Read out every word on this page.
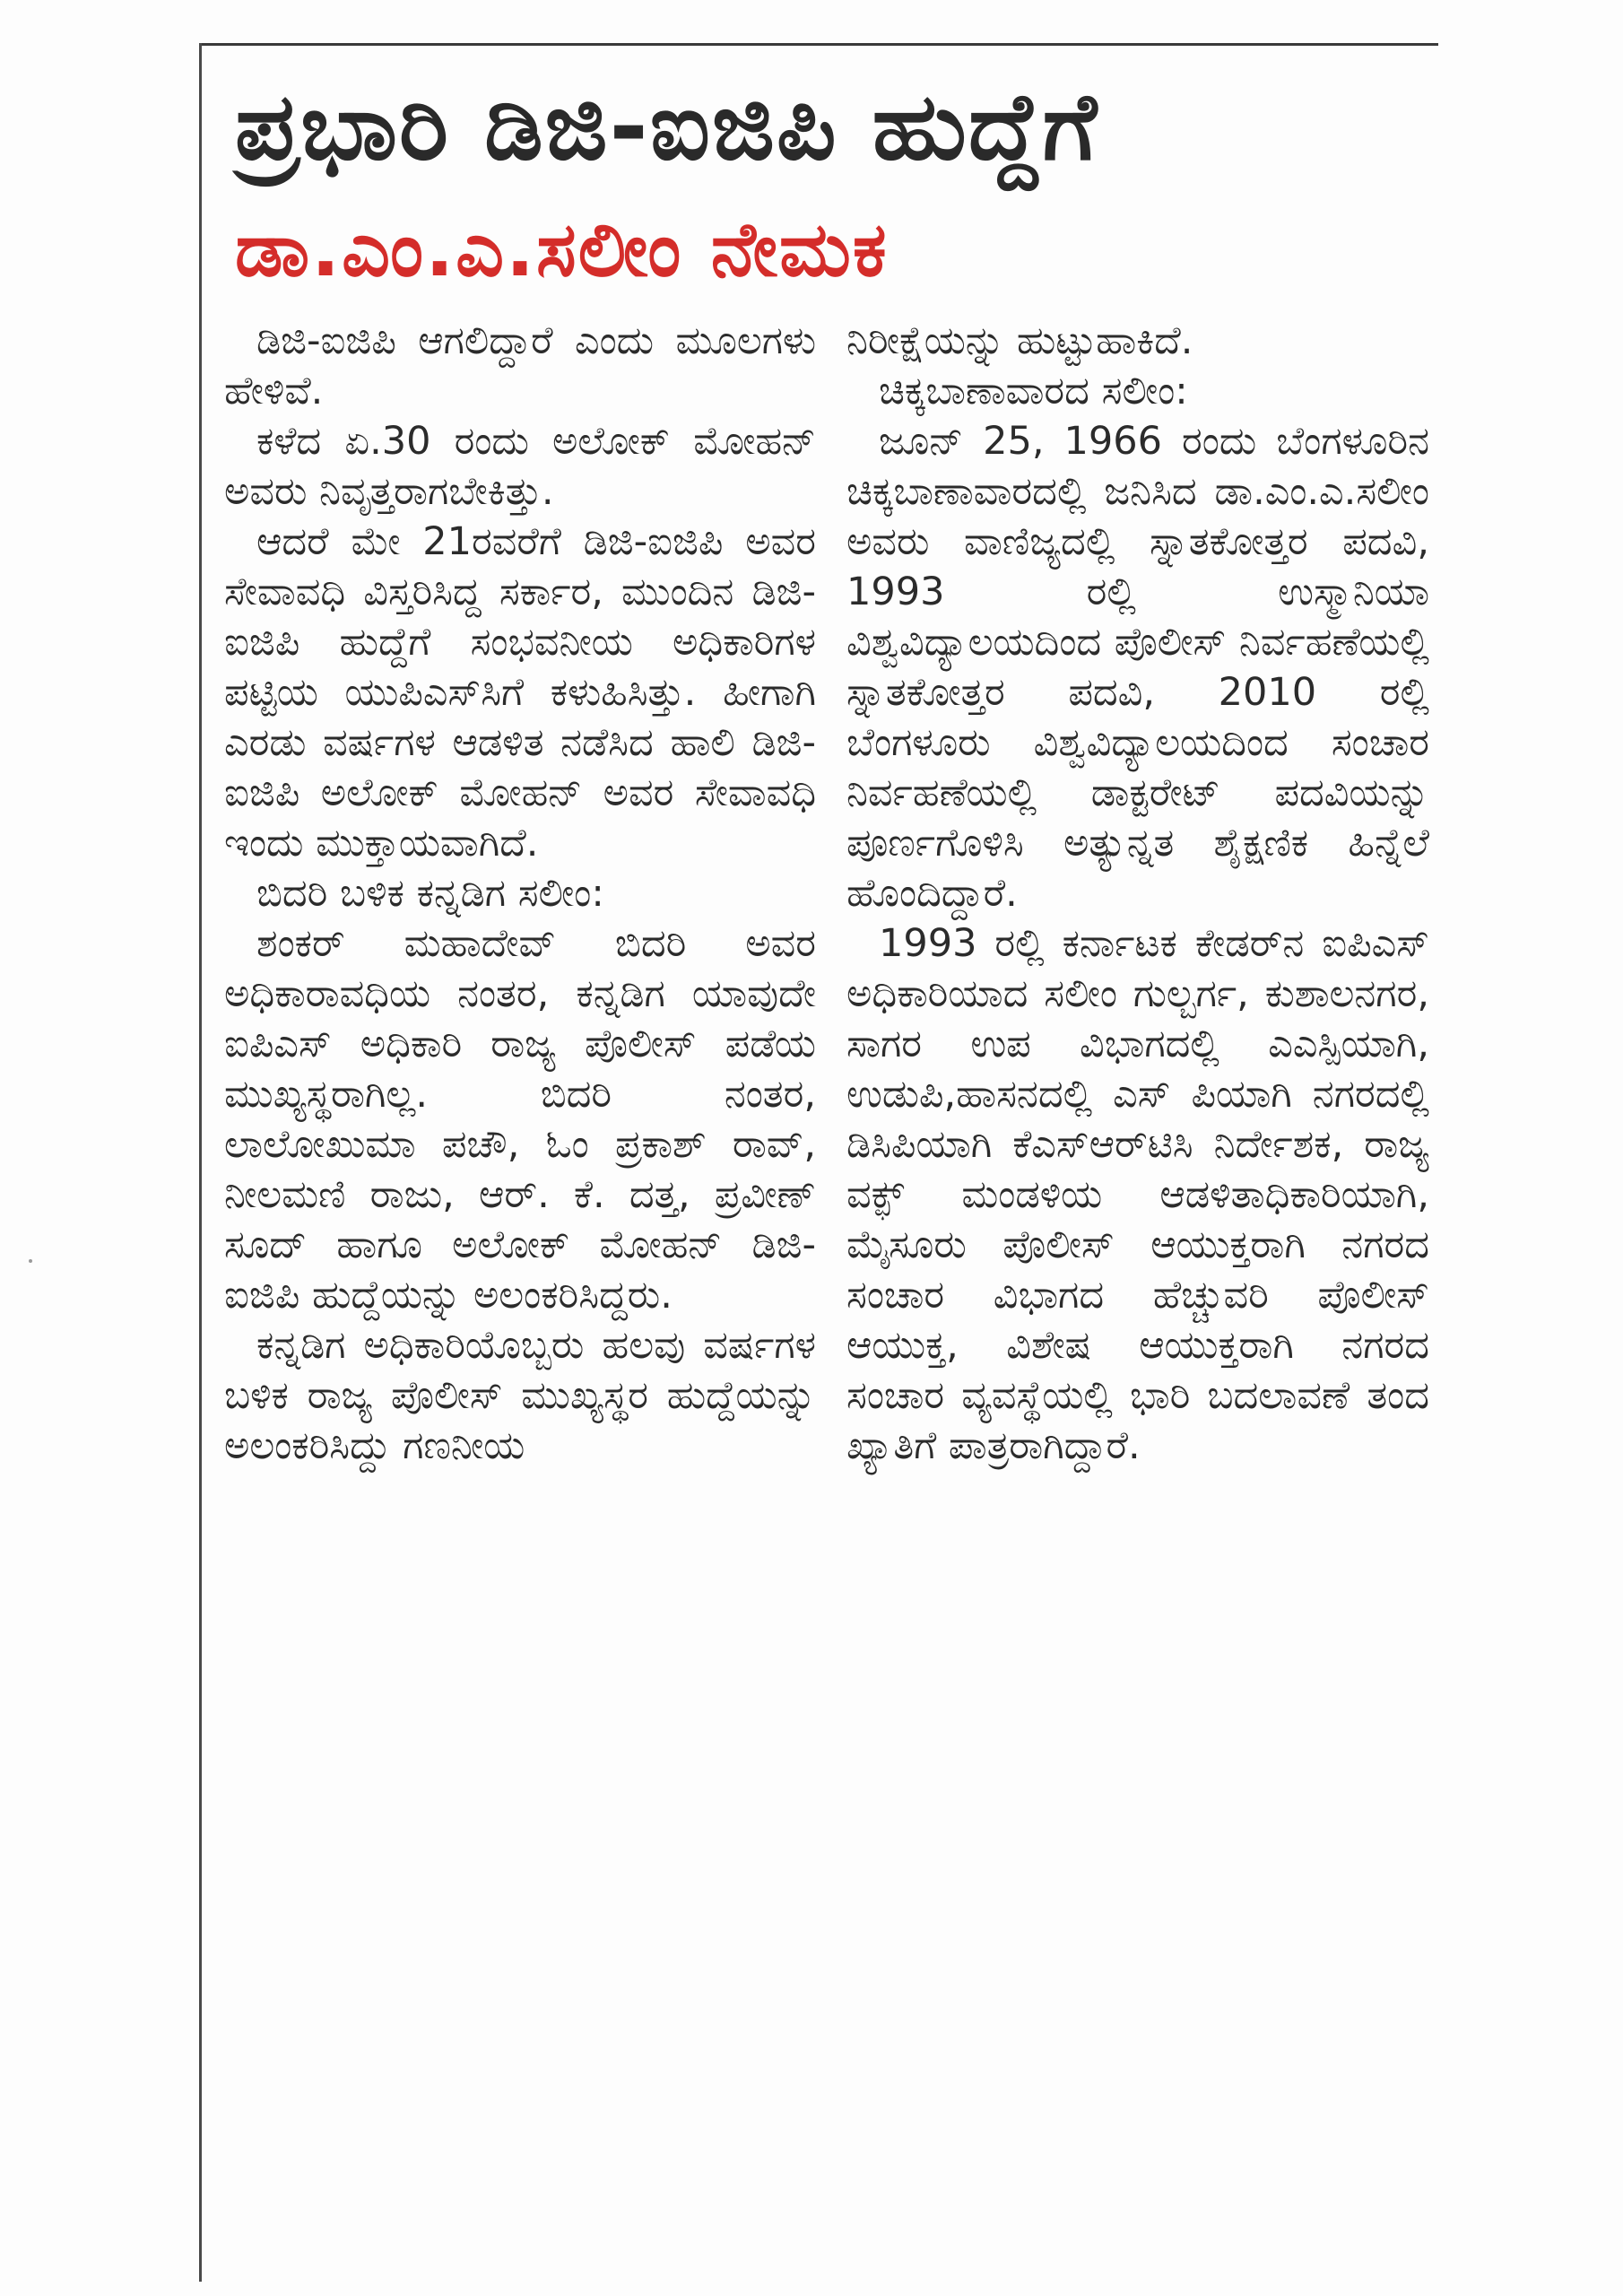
ಪ್ರಭಾರಿ ಡಿಜಿ-ಐಜಿಪಿ ಹುದ್ದೆಗೆ
ಡಾ.ಎಂ.ಎ.ಸಲೀಂ ನೇಮಕ

ಡಿಜಿ-ಐಜಿಪಿ ಆಗಲಿದ್ದಾರೆ ಎಂದು ಮೂಲಗಳು ಹೇಳಿವೆ.

ಕಳೆದ ಏ.30 ರಂದು ಅಲೋಕ್ ಮೋಹನ್ ಅವರು ನಿವೃತ್ತರಾಗಬೇಕಿತ್ತು.

ಆದರೆ ಮೇ 21ರವರೆಗೆ ಡಿಜಿ-ಐಜಿಪಿ ಅವರ ಸೇವಾವಧಿ ವಿಸ್ತರಿಸಿದ್ದ ಸರ್ಕಾರ, ಮುಂದಿನ ಡಿಜಿ-ಐಜಿಪಿ ಹುದ್ದೆಗೆ ಸಂಭವನೀಯ ಅಧಿಕಾರಿಗಳ ಪಟ್ಟಿಯ ಯುಪಿಎಸ್‌ಸಿಗೆ ಕಳುಹಿಸಿತ್ತು. ಹೀಗಾಗಿ ಎರಡು ವರ್ಷಗಳ ಆಡಳಿತ ನಡೆಸಿದ ಹಾಲಿ ಡಿಜಿ-ಐಜಿಪಿ ಅಲೋಕ್ ಮೋಹನ್ ಅವರ ಸೇವಾವಧಿ ಇಂದು ಮುಕ್ತಾಯವಾಗಿದೆ.

ಬಿದರಿ ಬಳಿಕ ಕನ್ನಡಿಗ ಸಲೀಂ:

ಶಂಕರ್ ಮಹಾದೇವ್ ಬಿದರಿ ಅವರ ಅಧಿಕಾರಾವಧಿಯ ನಂತರ, ಕನ್ನಡಿಗ ಯಾವುದೇ ಐಪಿಎಸ್ ಅಧಿಕಾರಿ ರಾಜ್ಯ ಪೊಲೀಸ್ ಪಡೆಯ ಮುಖ್ಯಸ್ಥರಾಗಿಲ್ಲ. ಬಿದರಿ ನಂತರ, ಲಾಲೋಖುಮಾ ಪಚೌ, ಓಂ ಪ್ರಕಾಶ್ ರಾವ್, ನೀಲಮಣಿ ರಾಜು, ಆರ್. ಕೆ. ದತ್ತ, ಪ್ರವೀಣ್ ಸೂದ್ ಹಾಗೂ ಅಲೋಕ್ ಮೋಹನ್ ಡಿಜಿ-ಐಜಿಪಿ ಹುದ್ದೆಯನ್ನು ಅಲಂಕರಿಸಿದ್ದರು.

ಕನ್ನಡಿಗ ಅಧಿಕಾರಿಯೊಬ್ಬರು ಹಲವು ವರ್ಷಗಳ ಬಳಿಕ ರಾಜ್ಯ ಪೊಲೀಸ್ ಮುಖ್ಯಸ್ಥರ ಹುದ್ದೆಯನ್ನು ಅಲಂಕರಿಸಿದ್ದು ಗಣನೀಯ

ನಿರೀಕ್ಷೆಯನ್ನು ಹುಟ್ಟುಹಾಕಿದೆ.

ಚಿಕ್ಕಬಾಣಾವಾರದ ಸಲೀಂ:

ಜೂನ್ 25, 1966 ರಂದು ಬೆಂಗಳೂರಿನ ಚಿಕ್ಕಬಾಣಾವಾರದಲ್ಲಿ ಜನಿಸಿದ ಡಾ.ಎಂ.ಎ.ಸಲೀಂ ಅವರು ವಾಣಿಜ್ಯದಲ್ಲಿ ಸ್ನಾತಕೋತ್ತರ ಪದವಿ, 1993 ರಲ್ಲಿ ಉಸ್ಮಾನಿಯಾ ವಿಶ್ವವಿದ್ಯಾಲಯದಿಂದ ಪೊಲೀಸ್ ನಿರ್ವಹಣೆಯಲ್ಲಿ ಸ್ನಾತಕೋತ್ತರ ಪದವಿ, 2010 ರಲ್ಲಿ ಬೆಂಗಳೂರು ವಿಶ್ವವಿದ್ಯಾಲಯದಿಂದ ಸಂಚಾರ ನಿರ್ವಹಣೆಯಲ್ಲಿ ಡಾಕ್ಟರೇಟ್ ಪದವಿಯನ್ನು ಪೂರ್ಣಗೊಳಿಸಿ ಅತ್ಯುನ್ನತ ಶೈಕ್ಷಣಿಕ ಹಿನ್ನೆಲೆ ಹೊಂದಿದ್ದಾರೆ.

1993 ರಲ್ಲಿ ಕರ್ನಾಟಕ ಕೇಡರ್‌ನ ಐಪಿಎಸ್ ಅಧಿಕಾರಿಯಾದ ಸಲೀಂ ಗುಲ್ಬರ್ಗ, ಕುಶಾಲನಗರ, ಸಾಗರ ಉಪ ವಿಭಾಗದಲ್ಲಿ ಎಎಸ್ಪಿಯಾಗಿ, ಉಡುಪಿ,ಹಾಸನದಲ್ಲಿ ಎಸ್ ಪಿಯಾಗಿ ನಗರದಲ್ಲಿ ಡಿಸಿಪಿಯಾಗಿ ಕೆಎಸ್ಆರ್‌ಟಿಸಿ ನಿರ್ದೇಶಕ, ರಾಜ್ಯ ವಕ್ಫ್ ಮಂಡಳಿಯ ಆಡಳಿತಾಧಿಕಾರಿಯಾಗಿ, ಮೈಸೂರು ಪೊಲೀಸ್ ಆಯುಕ್ತರಾಗಿ ನಗರದ ಸಂಚಾರ ವಿಭಾಗದ ಹೆಚ್ಚುವರಿ ಪೊಲೀಸ್ ಆಯುಕ್ತ, ವಿಶೇಷ ಆಯುಕ್ತರಾಗಿ ನಗರದ ಸಂಚಾರ ವ್ಯವಸ್ಥೆಯಲ್ಲಿ ಭಾರಿ ಬದಲಾವಣೆ ತಂದ ಖ್ಯಾತಿಗೆ ಪಾತ್ರರಾಗಿದ್ದಾರೆ.
